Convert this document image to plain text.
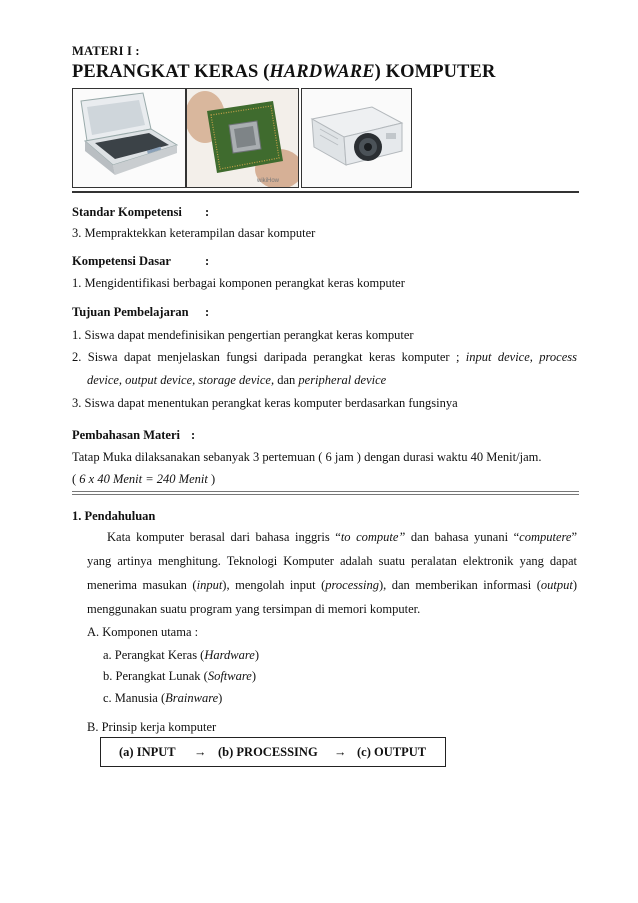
MATERI I :
PERANGKAT KERAS (HARDWARE) KOMPUTER
wikiHow
Standar Kompetensi :
3. Mempraktekkan keterampilan dasar komputer
Kompetensi Dasar	:
1. Mengidentifikasi berbagai komponen perangkat keras komputer
Tujuan Pembelajaran :
1. Siswa dapat mendefinisikan pengertian perangkat keras komputer
2. Siswa dapat menjelaskan fungsi daripada perangkat keras komputer ; input device, process
device, output device, storage device, dan peripheral device
3. Siswa dapat menentukan perangkat keras komputer berdasarkan fungsinya
Pembahasan Materi :
Tatap Muka dilaksanakan sebanyak 3 pertemuan ( 6 jam ) dengan durasi waktu 40 Menit/jam.
( 6 x 40 Menit = 240 Menit )
1. Pendahuluan
Kata komputer berasal dari bahasa inggris “to compute” dan bahasa yunani “computere”
yang artinya menghitung. Teknologi Komputer adalah suatu peralatan elektronik yang dapat
menerima masukan (input), mengolah input (processing), dan memberikan informasi (output)
menggunakan suatu program yang tersimpan di memori komputer.
A. Komponen utama :
a. Perangkat Keras (Hardware)
b. Perangkat Lunak (Software)
c. Manusia (Brainware)
B. Prinsip kerja komputer
(a) INPUT → (b) PROCESSING → (c) OUTPUT
